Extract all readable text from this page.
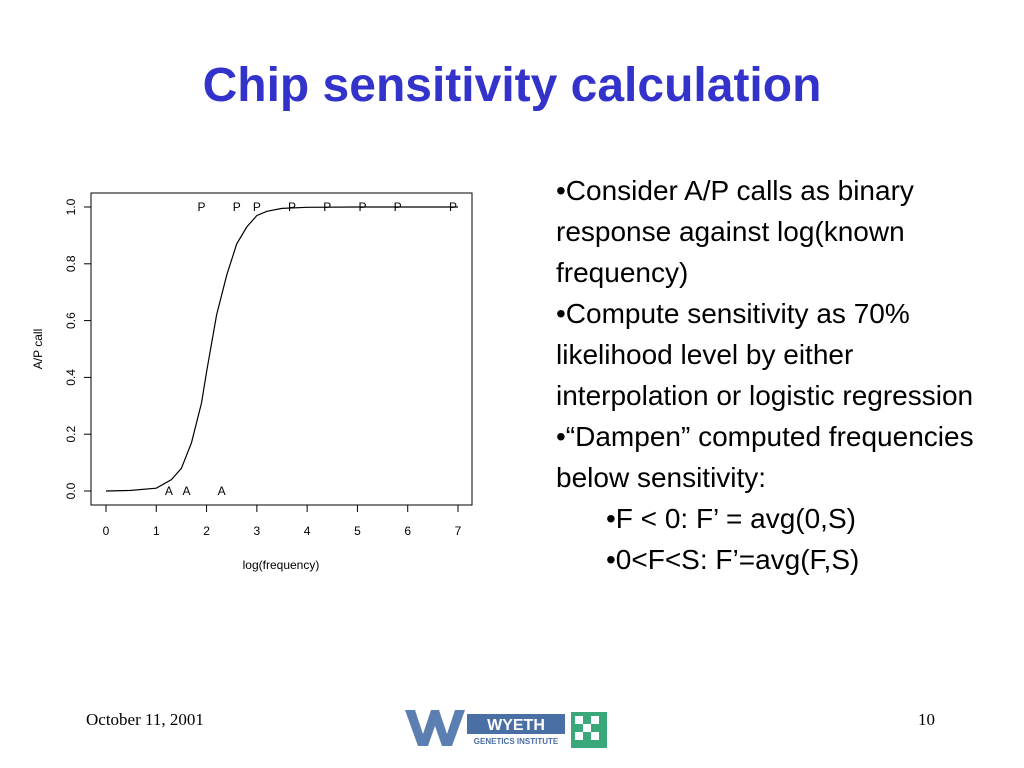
Chip sensitivity calculation
0	1	2	3	4	5	6	7
0.0
0.2
0.4
0.6
0.8
1.0
A A A
P P P P P P P	P
log(frequency)
A/P call
•Consider A/P calls as binary response against log(known frequency)
•Compute sensitivity as 70% likelihood level by either interpolation or logistic regression
•“Dampen” computed frequencies below sensitivity:
•F < 0: F’ = avg(0,S)
•0<F<S: F’=avg(F,S)
October 11, 2001	10
WYETH
GENETICS INSTITUTE
